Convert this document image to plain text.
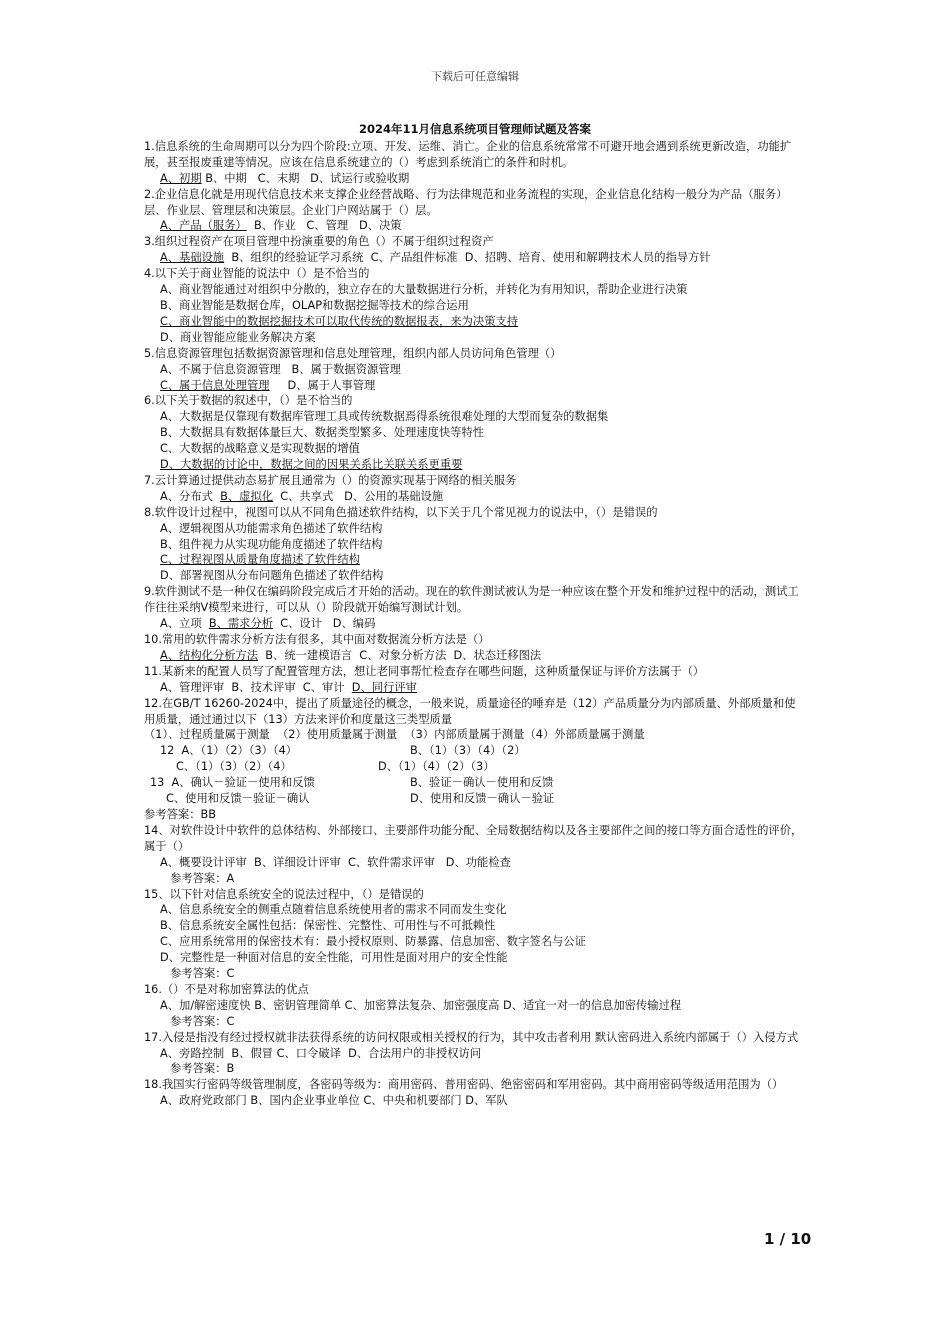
下载后可任意编辑
2024年11月信息系统项目管理师试题及答案
1.信息系统的生命周期可以分为四个阶段:立项、开发、运维、消亡。企业的信息系统常常不可避开地会遇到系统更新改造，功能扩展，甚至报废重建等情况。应该在信息系统建立的（）考虑到系统消亡的条件和时机。
A、初期 B、中期   C、末期   D、试运行或验收期
2.企业信息化就是用现代信息技术来支撑企业经营战略、行为法律规范和业务流程的实现，企业信息化结构一般分为产品（服务）层、作业层、管理层和决策层。企业门户网站属于（）层。
A、产品（服务）  B、作业   C、管理   D、决策
3.组织过程资产在项目管理中扮演重要的角色（）不属于组织过程资产
A、基础设施  B、组织的经验证学习系统  C、产品组件标准  D、招聘、培育、使用和解聘技术人员的指导方针
4.以下关于商业智能的说法中（）是不恰当的
A、商业智能通过对组织中分散的，独立存在的大量数据进行分析，并转化为有用知识，帮助企业进行决策
B、商业智能是数据仓库，OLAP和数据挖掘等技术的综合运用
C、商业智能中的数据挖掘技术可以取代传统的数据报表，来为决策支持
D、商业智能应能业务解决方案
5.信息资源管理包括数据资源管理和信息处理管理，组织内部人员访问角色管理（）
A、不属于信息资源管理   B、属于数据资源管理
C、属于信息处理管理     D、属于人事管理
6.以下关于数据的叙述中，（）是不恰当的
A、大数据是仅靠现有数据库管理工具或传统数据焉得系统很难处理的大型而复杂的数据集
B、大数据具有数据体量巨大、数据类型繁多、处理速度快等特性
C、大数据的战略意义是实现数据的增值
D、大数据的讨论中，数据之间的因果关系比关联关系更重要
7.云计算通过提供动态易扩展且通常为（）的资源实现基于网络的相关服务
A、分布式  B、虚拟化  C、共享式   D、公用的基础设施
8.软件设计过程中，视图可以从不同角色描述软件结构，以下关于几个常见视力的说法中，（）是错误的
A、逻辑视图从功能需求角色描述了软件结构
B、组件视力从实现功能角度描述了软件结构
C、过程视图从质量角度描述了软件结构
D、部署视图从分布问题角色描述了软件结构
9.软件测试不是一种仅在编码阶段完成后才开始的活动。现在的软件测试被认为是一种应该在整个开发和维护过程中的活动，测试工作往往采纳V模型来进行，可以从（）阶段就开始编写测试计划。
A、立项  B、需求分析  C、设计   D、编码
10.常用的软件需求分析方法有很多，其中面对数据流分析方法是（）
A、结构化分析方法  B、统一建模语言  C、对象分析方法  D、状态迁移图法
11.某新来的配置人员写了配置管理方法，想让老同事帮忙检查存在哪些问题，这种质量保证与评价方法属于（）
A、管理评审  B、技术评审  C、审计  D、同行评审
12.在GB/T 16260-2024中，提出了质量途径的概念，一般来说，质量途径的唾弃是（12）产品质量分为内部质量、外部质量和使用质量，通过通过以下（13）方法来评价和度量这三类型质量
（1）、过程质量属于测量  （2）使用质量属于测量  （3）内部质量属于测量（4）外部质量属于测量
12  A、（1）（2）（3）（4）	B、（1）（3）（4）（2）
C、（1）（3）（2）（4）	D、（1）（4）（2）（3）
13  A、确认－验证－使用和反馈	B、验证－确认－使用和反馈
C、使用和反馈－验证－确认	D、使用和反馈－确认－验证
参考答案：BB
14、对软件设计中软件的总体结构、外部接口、主要部件功能分配、全局数据结构以及各主要部件之间的接口等方面合适性的评价，属于（）
A、概要设计评审  B、详细设计评审  C、软件需求评审   D、功能检查
参考答案：A
15、以下针对信息系统安全的说法过程中，（）是错误的
A、信息系统安全的侧重点随着信息系统使用者的需求不同而发生变化
B、信息系统安全属性包括：保密性、完整性、可用性与不可抵赖性
C、应用系统常用的保密技术有：最小授权原则、防暴露、信息加密、数字签名与公证
D、完整性是一种面对信息的安全性能，可用性是面对用户的安全性能
参考答案：C
16.（）不是对称加密算法的优点
A、加/解密速度快 B、密钥管理简单 C、加密算法复杂、加密强度高 D、适宜一对一的信息加密传输过程
参考答案：C
17.入侵是指没有经过授权就非法获得系统的访问权限或相关授权的行为，其中攻击者利用 默认密码进入系统内部属于（）入侵方式
A、旁路控制  B、假冒 C、口令破译  D、合法用户的非授权访问
参考答案：B
18.我国实行密码等级管理制度，各密码等级为：商用密码、普用密码、绝密密码和军用密码。其中商用密码等级适用范围为（）
A、政府党政部门 B、国内企业事业单位 C、中央和机要部门 D、军队
1 / 10
